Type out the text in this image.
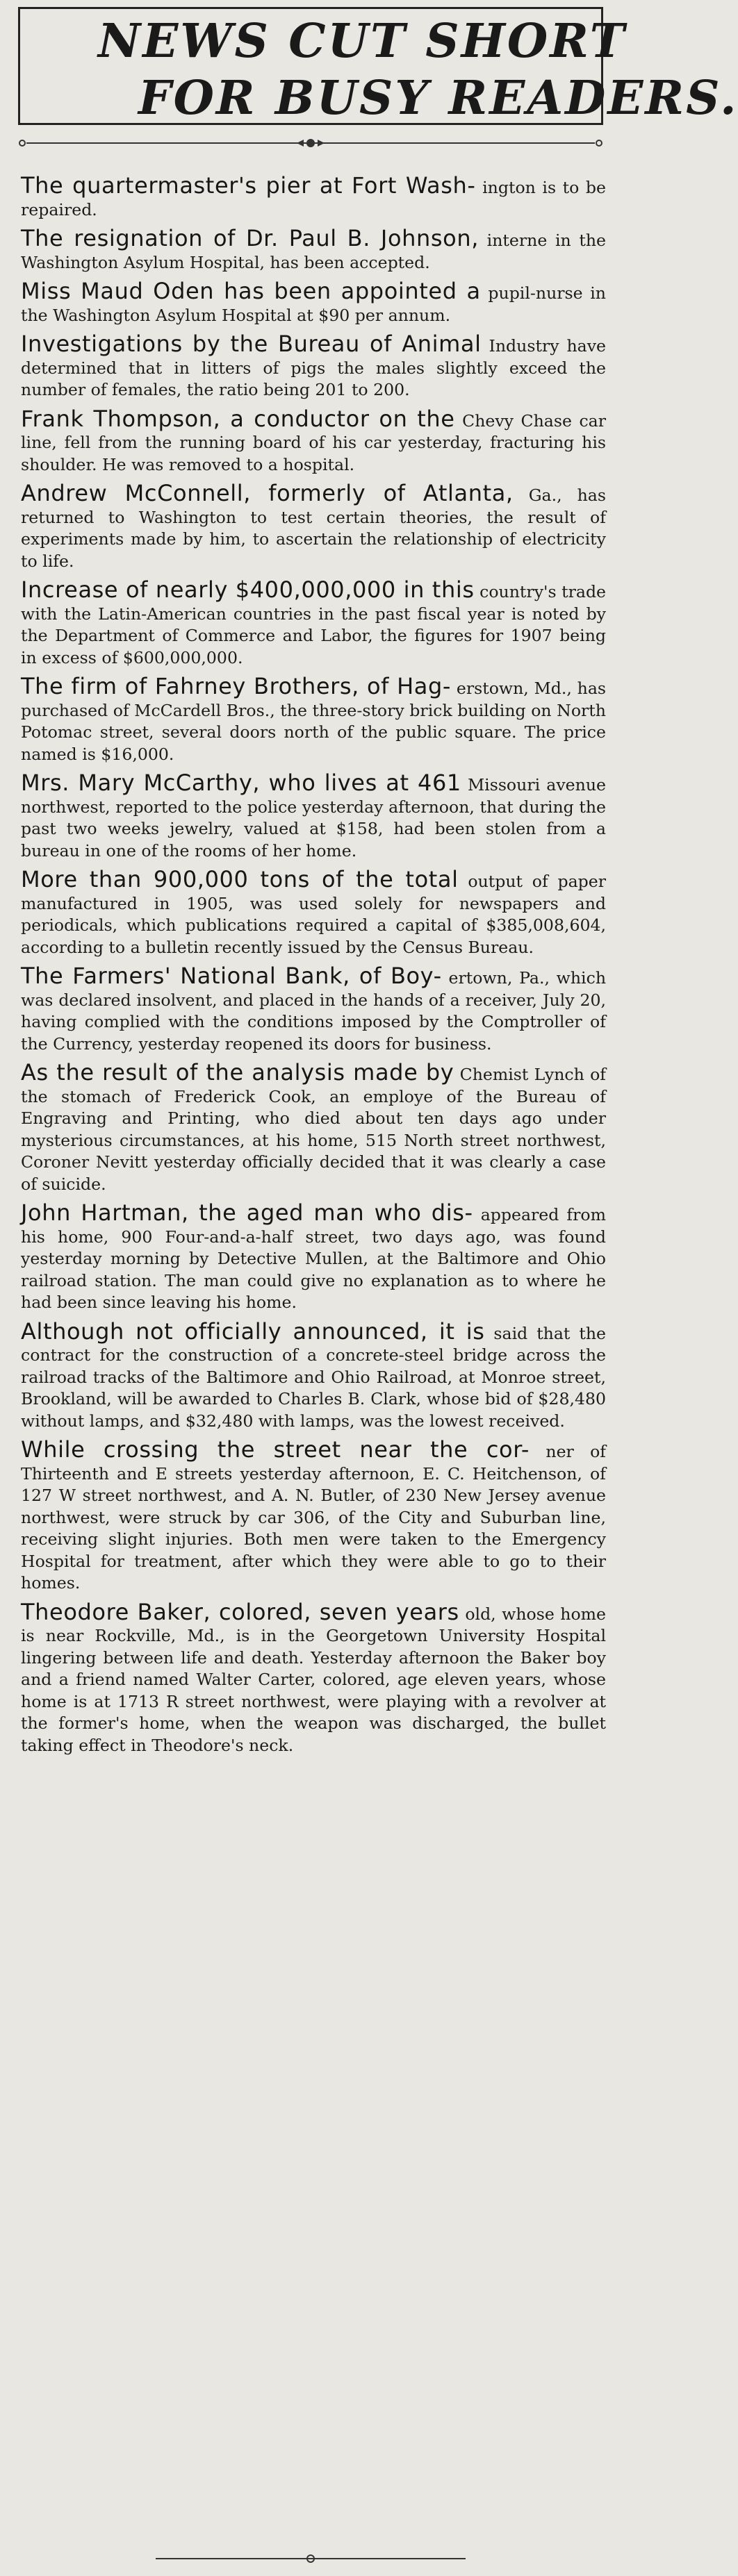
NEWS CUT SHORT
FOR BUSY READERS.

The quartermaster's pier at Fort Wash- ington is to be repaired.

The resignation of Dr. Paul B. Johnson, interne in the Washington Asylum Hospital, has been accepted.

Miss Maud Oden has been appointed a pupil-nurse in the Washington Asylum Hospital at $90 per annum.

Investigations by the Bureau of Animal Industry have determined that in litters of pigs the males slightly exceed the number of females, the ratio being 201 to 200.

Frank Thompson, a conductor on the Chevy Chase car line, fell from the running board of his car yesterday, fracturing his shoulder. He was removed to a hospital.

Andrew McConnell, formerly of Atlanta, Ga., has returned to Washington to test certain theories, the result of experiments made by him, to ascertain the relationship of electricity to life.

Increase of nearly $400,000,000 in this country's trade with the Latin-American countries in the past fiscal year is noted by the Department of Commerce and Labor, the figures for 1907 being in excess of $600,000,000.

The firm of Fahrney Brothers, of Hag- erstown, Md., has purchased of McCardell Bros., the three-story brick building on North Potomac street, several doors north of the public square. The price named is $16,000.

Mrs. Mary McCarthy, who lives at 461 Missouri avenue northwest, reported to the police yesterday afternoon, that during the past two weeks jewelry, valued at $158, had been stolen from a bureau in one of the rooms of her home.

More than 900,000 tons of the total output of paper manufactured in 1905, was used solely for newspapers and periodicals, which publications required a capital of $385,008,604, according to a bulletin recently issued by the Census Bureau.

The Farmers' National Bank, of Boy- ertown, Pa., which was declared insolvent, and placed in the hands of a receiver, July 20, having complied with the conditions imposed by the Comptroller of the Currency, yesterday reopened its doors for business.

As the result of the analysis made by Chemist Lynch of the stomach of Frederick Cook, an employe of the Bureau of Engraving and Printing, who died about ten days ago under mysterious circumstances, at his home, 515 North street northwest, Coroner Nevitt yesterday officially decided that it was clearly a case of suicide.

John Hartman, the aged man who dis- appeared from his home, 900 Four-and-a-half street, two days ago, was found yesterday morning by Detective Mullen, at the Baltimore and Ohio railroad station. The man could give no explanation as to where he had been since leaving his home.

Although not officially announced, it is said that the contract for the construction of a concrete-steel bridge across the railroad tracks of the Baltimore and Ohio Railroad, at Monroe street, Brookland, will be awarded to Charles B. Clark, whose bid of $28,480 without lamps, and $32,480 with lamps, was the lowest received.

While crossing the street near the cor- ner of Thirteenth and E streets yesterday afternoon, E. C. Heitchenson, of 127 W street northwest, and A. N. Butler, of 230 New Jersey avenue northwest, were struck by car 306, of the City and Suburban line, receiving slight injuries. Both men were taken to the Emergency Hospital for treatment, after which they were able to go to their homes.

Theodore Baker, colored, seven years old, whose home is near Rockville, Md., is in the Georgetown University Hospital lingering between life and death. Yesterday afternoon the Baker boy and a friend named Walter Carter, colored, age eleven years, whose home is at 1713 R street northwest, were playing with a revolver at the former's home, when the weapon was discharged, the bullet taking effect in Theodore's neck.
